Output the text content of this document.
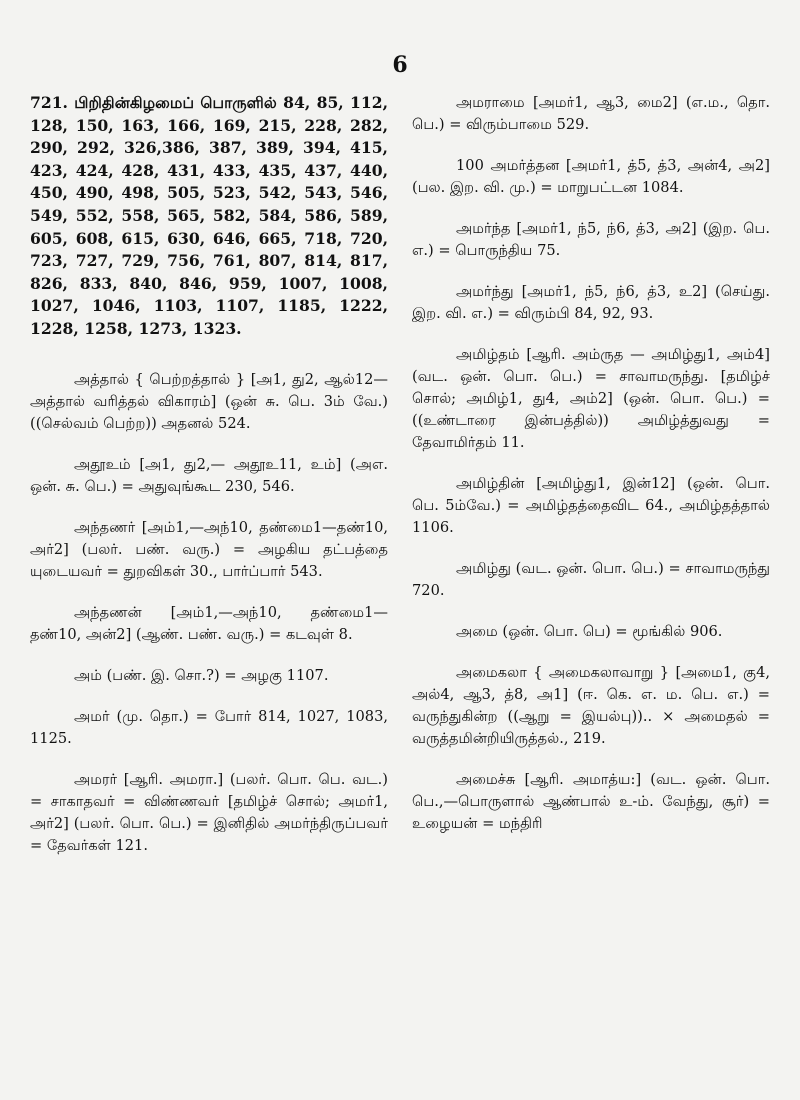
6

721. பிறிதின்கிழமைப் பொருளில் 84, 85, 112, 128, 150, 163, 166, 169, 215, 228, 282, 290, 292, 326,386, 387, 389, 394, 415, 423, 424, 428, 431, 433, 435, 437, 440, 450, 490, 498, 505, 523, 542, 543, 546, 549, 552, 558, 565, 582, 584, 586, 589, 605, 608, 615, 630, 646, 665, 718, 720, 723, 727, 729, 756, 761, 807, 814, 817, 826, 833, 840, 846, 959, 1007, 1008, 1027, 1046, 1103, 1107, 1185, 1222, 1228, 1258, 1273, 1323.

அத்தால் { பெற்றத்தால் } [அ1, து2, ஆல்12—அத்தால் வரித்தல் விகாரம்] (ஒன் சு. பெ. 3ம் வே.) ((செல்வம் பெற்ற)) அதனல் 524.

அதூஉம் [அ1, து2,— அதூஉ11, உம்] (அஎ. ஒன். சு. பெ.) = அதுவுங்கூட 230, 546.

அந்தணர் [அம்1,—அந்10, தண்மை1—தண்10, அர்2] (பலர். பண். வரு.) = அழகிய தட்பத்தை யுடையவர் = துறவிகள் 30., பார்ப்பார் 543.

அந்தணன் [அம்1,—அந்10, தண்மை1—தண்10, அன்2] (ஆண். பண். வரு.) = கடவுள் 8.

அம் (பண். இ. சொ.?) = அழகு 1107.

அமர் (மு. தொ.) = போர் 814, 1027, 1083, 1125.

அமரர் [ஆரி. அமரா.] (பலர். பொ. பெ. வட.) = சாகாதவர் = விண்ணவர் [தமிழ்ச் சொல்; அமர்1, அர்2] (பலர். பொ. பெ.) = இனிதில் அமர்ந்திருப்பவர் = தேவர்கள் 121.

அமராமை [அமர்1, ஆ3, மை2] (எ.ம., தொ. பெ.) = விரும்பாமை 529.

100 அமர்த்தன [அமர்1, த்5, த்3, அன்4, அ2] (பல. இற. வி. மு.) = மாறுபட்டன 1084.

அமர்ந்த [அமர்1, ந்5, ந்6, த்3, அ2] (இற. பெ. எ.) = பொருந்திய 75.

அமர்ந்து [அமர்1, ந்5, ந்6, த்3, உ2] (செய்து. இற. வி. எ.) = விரும்பி 84, 92, 93.

அமிழ்தம் [ஆரி. அம்ருத — அமிழ்து1, அம்4] (வட. ஒன். பொ. பெ.) = சாவாமருந்து. [தமிழ்ச் சொல்; அமிழ்1, து4, அம்2] (ஒன். பொ. பெ.) = ((உண்டாரை இன்பத்தில்)) அமிழ்த்துவது = தேவாமிர்தம் 11.

அமிழ்தின் [அமிழ்து1, இன்12] (ஒன். பொ. பெ. 5ம்வே.) = அமிழ்தத்தைவிட 64., அமிழ்தத்தால் 1106.

அமிழ்து (வட. ஒன். பொ. பெ.) = சாவாமருந்து 720.

அமை (ஒன். பொ. பெ) = மூங்கில் 906.

அமைகலா { அமைகலாவாறு } [அமை1, கு4, அல்4, ஆ3, த்8, அ1] (ஈ. கெ. எ. ம. பெ. எ.) = வருந்துகின்ற ((ஆறு = இயல்பு)).. × அமைதல் = வருத்தமின்றியிருத்தல்., 219.

அமைச்சு [ஆரி. அமாத்ய:] (வட. ஒன். பொ. பெ.,—பொருளால் ஆண்பால் உ-ம். வேந்து, சூர்) = உழையன் = மந்திரி
